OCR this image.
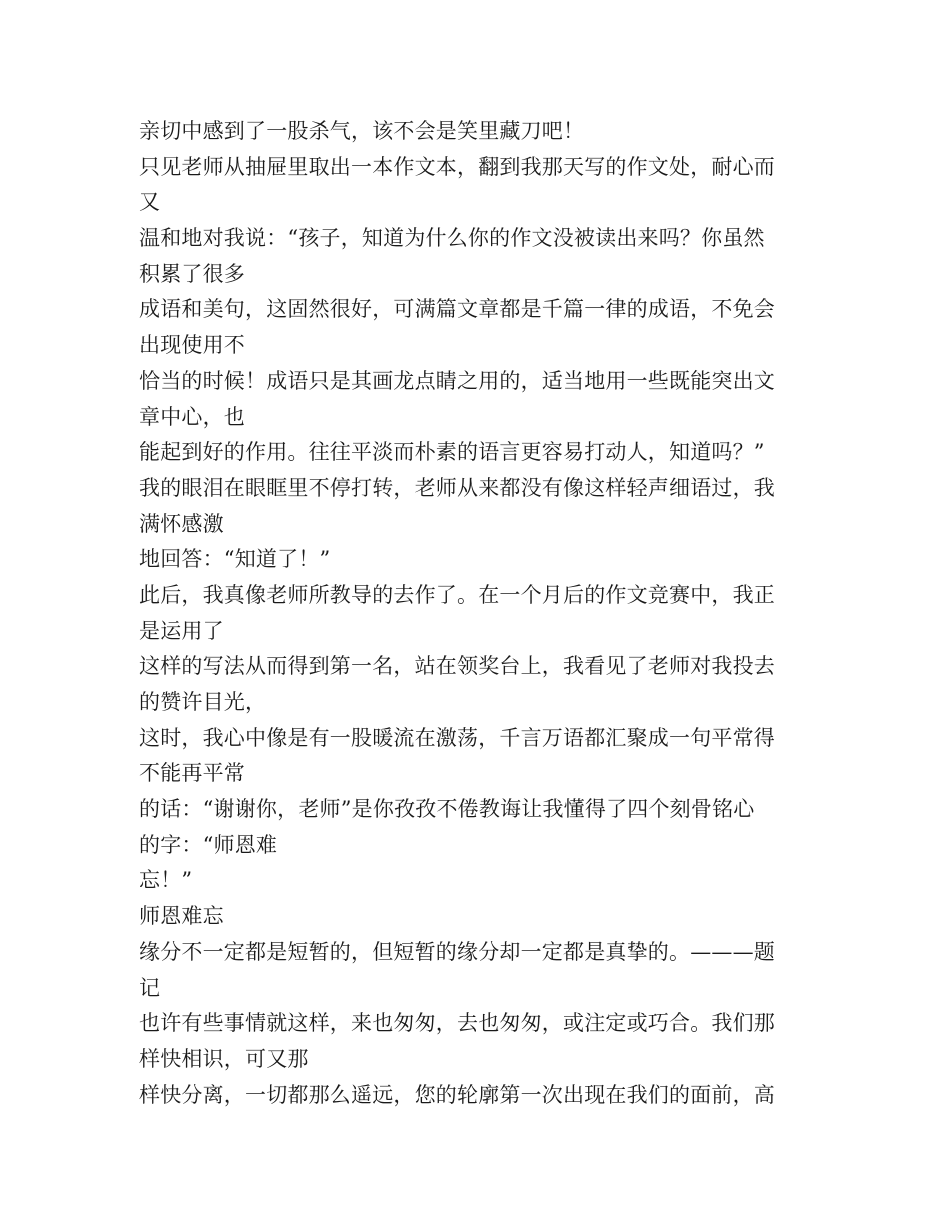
亲切中感到了一股杀气，该不会是笑里藏刀吧！
只见老师从抽屉里取出一本作文本，翻到我那天写的作文处，耐心而
又
温和地对我说：“孩子，知道为什么你的作文没被读出来吗？你虽然
积累了很多
成语和美句，这固然很好，可满篇文章都是千篇一律的成语，不免会
出现使用不
恰当的时候！成语只是其画龙点睛之用的，适当地用一些既能突出文
章中心，也
能起到好的作用。往往平淡而朴素的语言更容易打动人，知道吗？”
我的眼泪在眼眶里不停打转，老师从来都没有像这样轻声细语过，我
满怀感激
地回答：“知道了！”
此后，我真像老师所教导的去作了。在一个月后的作文竞赛中，我正
是运用了
这样的写法从而得到第一名，站在领奖台上，我看见了老师对我投去
的赞许目光，
这时，我心中像是有一股暖流在激荡，千言万语都汇聚成一句平常得
不能再平常
的话：“谢谢你，老师”是你孜孜不倦教诲让我懂得了四个刻骨铭心
的字：“师恩难
忘！”
师恩难忘
缘分不一定都是短暂的，但短暂的缘分却一定都是真挚的。———题
记
也许有些事情就这样，来也匆匆，去也匆匆，或注定或巧合。我们那
样快相识，可又那
样快分离，一切都那么遥远，您的轮廓第一次出现在我们的面前，高
